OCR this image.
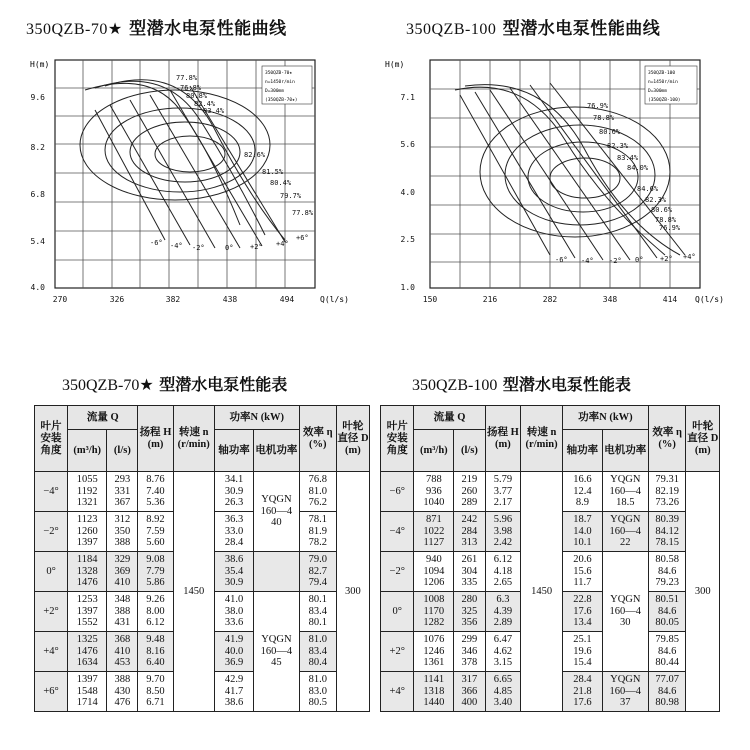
350QZB-70★ 型潜水电泵性能曲线	350QZB-100 型潜水电泵性能曲线
350QZB-70★
n=1450r/min
D=300mm
(350QZB-70★)
77.8%
76.8%
80.8%
82.4%
83.4%
82.6%
81.5%
80.4%
79.7%
77.8%
-6° -4° -2°	0° +2° +4°
+6°
H(m)
9.6
8.2
6.8
5.4
4.0
270	326	382	438	494	Q(l/s)
350QZB-100
n=1450r/min
D=300mm
(350QZB-100)
76.9%
78.8%
80.6%
82.3%
83.4%
84.0%
84.6%
82.3%
80.6%
78.8%
76.9%
-6° -4° -2° 0° +2° +4°
H(m)
7.1
5.6
4.0
2.5
1.0
150	216	282	348	414 Q(l/s)
350QZB-70★ 型潜水电泵性能表	350QZB-100 型潜水电泵性能表
叶片 安装 角度	流量 Q		扬程 H (m)	转速 n (r/min)	功率N (kW)		效率 η (%)	叶轮 直径 D (m)
	(m³/h)	(l/s)			轴功率	电机功率		

−4°	1055
1192
1321	293
331
367	8.76
7.40
5.36	1450	34.1
30.9
26.3	YQGN
160—4
40	76.8
81.0
76.2	300
−2°	1123
1260
1397	312
350
388	8.92
7.59
5.60		36.3
33.0
28.4		78.1
81.9
78.2	

0°	1184
1328
1476	329
369
410	9.08
7.79
5.86		38.6
35.4
30.9		79.0
82.7
79.4	

+2°	1253
1397
1552	348
388
431	9.26
8.00
6.12		41.0
38.0
33.6	YQGN
160—4
45	80.1
83.4
80.1	

+4°	1325
1476
1634	368
410
453	9.48
8.16
6.40		41.9
40.0
36.9		81.0
83.4
80.4	

+6°	1397
1548
1714	388
430
476	9.70
8.50
6.71		42.9
41.7
38.6		81.0
83.0
80.5	
叶片 安装 角度	流量 Q		扬程 H (m)	转速 n (r/min)	功率N (kW)		效率 η (%)	叶轮 直径 D (m)
	(m³/h)	(l/s)			轴功率	电机功率		

−6°	788
936
1040	219
260
289	5.79
3.77
2.17	1450	16.6
12.4
8.9	YQGN
160—4
18.5	79.31
82.19
73.26	300
−4°	871
1022
1127	242
284
313	5.96
3.98
2.42		18.7
14.0
10.1	YQGN
160—4
22	80.39
84.12
78.15	

−2°	940
1094
1206	261
304
335	6.12
4.18
2.65		20.6
15.6
11.7	YQGN
160—4
30	80.58
84.6
79.23	

0°	1008
1170
1282	280
325
356	6.3
4.39
2.89		22.8
17.6
13.4		80.51
84.6
80.05	

+2°	1076
1246
1361	299
346
378	6.47
4.62
3.15		25.1
19.6
15.4		79.85
84.6
80.44	

+4°	1141
1318
1440	317
366
400	6.65
4.85
3.40		28.4
21.8
17.6	YQGN
160—4
37	77.07
84.6
80.98	
